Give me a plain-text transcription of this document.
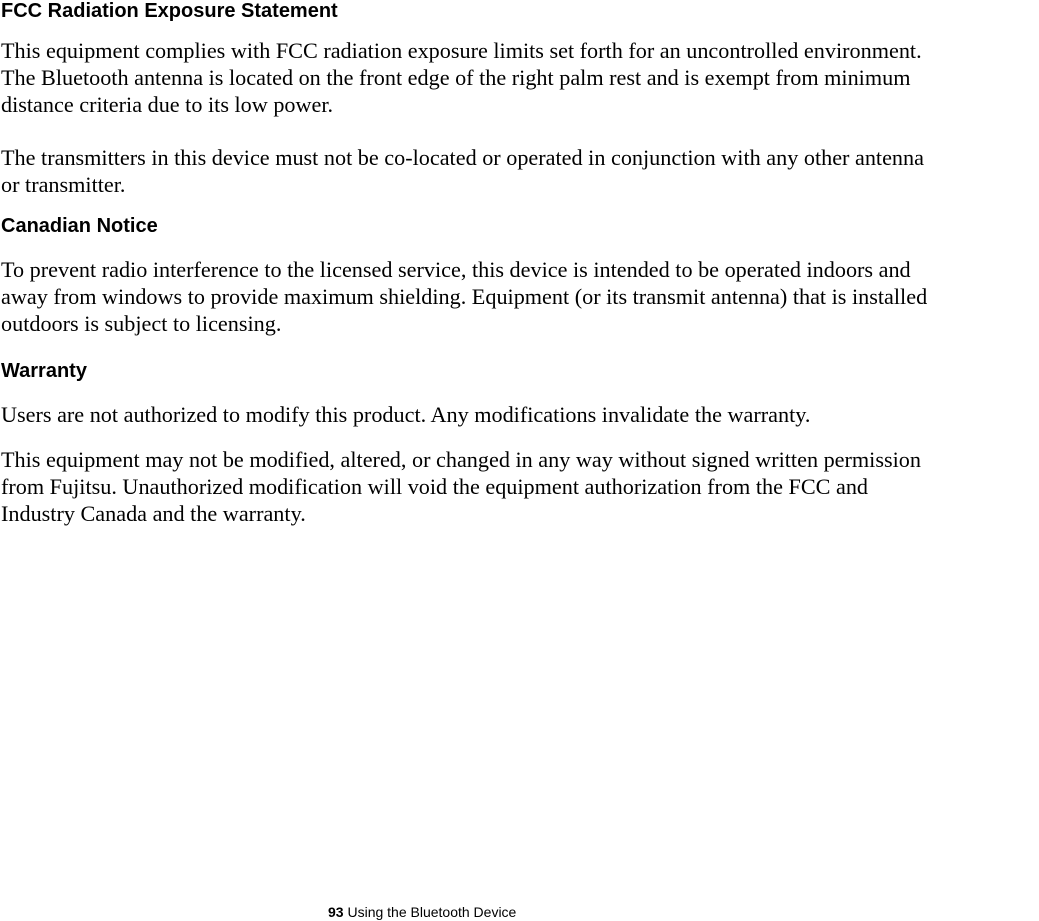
FCC Radiation Exposure Statement

This equipment complies with FCC radiation exposure limits set forth for an uncontrolled environment.
The Bluetooth antenna is located on the front edge of the right palm rest and is exempt from minimum
distance criteria due to its low power.

The transmitters in this device must not be co-located or operated in conjunction with any other antenna
or transmitter.

Canadian Notice

To prevent radio interference to the licensed service, this device is intended to be operated indoors and
away from windows to provide maximum shielding. Equipment (or its transmit antenna) that is installed
outdoors is subject to licensing.

Warranty

Users are not authorized to modify this product. Any modifications invalidate the warranty.

This equipment may not be modified, altered, or changed in any way without signed written permission
from Fujitsu. Unauthorized modification will void the equipment authorization from the FCC and
Industry Canada and the warranty.

93 Using the Bluetooth Device
